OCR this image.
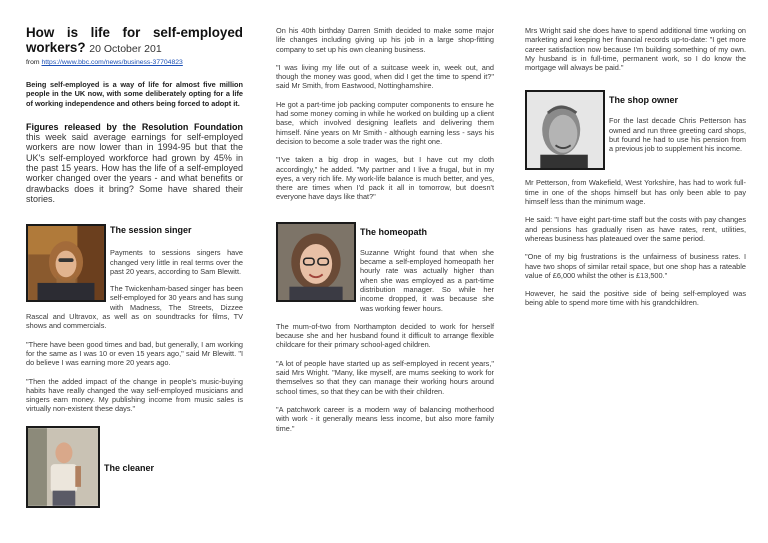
How is life for self-employed workers? 20 October 201
from https://www.bbc.com/news/business-37704823

Being self-employed is a way of life for almost five million people in the UK now, with some deliberately opting for a life of working independence and others being forced to adopt it.

Figures released by the Resolution Foundation this week said average earnings for self-employed workers are now lower than in 1994-95 but that the UK's self-employed workforce had grown by 45% in the past 15 years. How has the life of a self-employed worker changed over the years - and what benefits or drawbacks does it bring? Some have shared their stories.

The session singer

Payments to sessions singers have changed very little in real terms over the past 20 years, according to Sam Blewitt.

The Twickenham-based singer has been self-employed for 30 years and has sung with Madness, The Streets, Dizzee Rascal and Ultravox, as well as on soundtracks for films, TV shows and commercials.

"There have been good times and bad, but generally, I am working for the same as I was 10 or even 15 years ago," said Mr Blewitt. "I do believe I was earning more 20 years ago.

"Then the added impact of the change in people's music-buying habits have really changed the way self-employed musicians and singers earn money. My publishing income from music sales is virtually non-existent these days."

The cleaner

On his 40th birthday Darren Smith decided to make some major life changes including giving up his job in a large shop-fitting company to set up his own cleaning business.

"I was living my life out of a suitcase week in, week out, and though the money was good, when did I get the time to spend it?" said Mr Smith, from Eastwood, Nottinghamshire.

He got a part-time job packing computer components to ensure he had some money coming in while he worked on building up a client base, which involved designing leaflets and delivering them himself. Nine years on Mr Smith - although earning less - says his decision to become a sole trader was the right one.

"I've taken a big drop in wages, but I have cut my cloth accordingly," he added. "My partner and I live a frugal, but in my eyes, a very rich life. My work-life balance is much better, and yes, there are times when I'd pack it all in tomorrow, but doesn't everyone have days like that?"

The homeopath

Suzanne Wright found that when she became a self-employed homeopath her hourly rate was actually higher than when she was employed as a part-time distribution manager. So while her income dropped, it was because she was working fewer hours.

The mum-of-two from Northampton decided to work for herself because she and her husband found it difficult to arrange flexible childcare for their primary school-aged children.

"A lot of people have started up as self-employed in recent years," said Mrs Wright. "Many, like myself, are mums seeking to work for themselves so that they can manage their working hours around school times, so that they can be with their children.

"A patchwork career is a modern way of balancing motherhood with work - it generally means less income, but also more family time."

Mrs Wright said she does have to spend additional time working on marketing and keeping her financial records up-to-date: "I get more career satisfaction now because I'm building something of my own. My husband is in full-time, permanent work, so I do know the mortgage will always be paid."

The shop owner

For the last decade Chris Petterson has owned and run three greeting card shops, but found he had to use his pension from a previous job to supplement his income.

Mr Petterson, from Wakefield, West Yorkshire, has had to work full-time in one of the shops himself but has only been able to pay himself less than the minimum wage.

He said: "I have eight part-time staff but the costs with pay changes and pensions has gradually risen as have rates, rent, utilities, whereas business has plateaued over the same period.

"One of my big frustrations is the unfairness of business rates. I have two shops of similar retail space, but one shop has a rateable value of £6,000 whilst the other is £13,500."

However, he said the positive side of being self-employed was being able to spend more time with his grandchildren.
